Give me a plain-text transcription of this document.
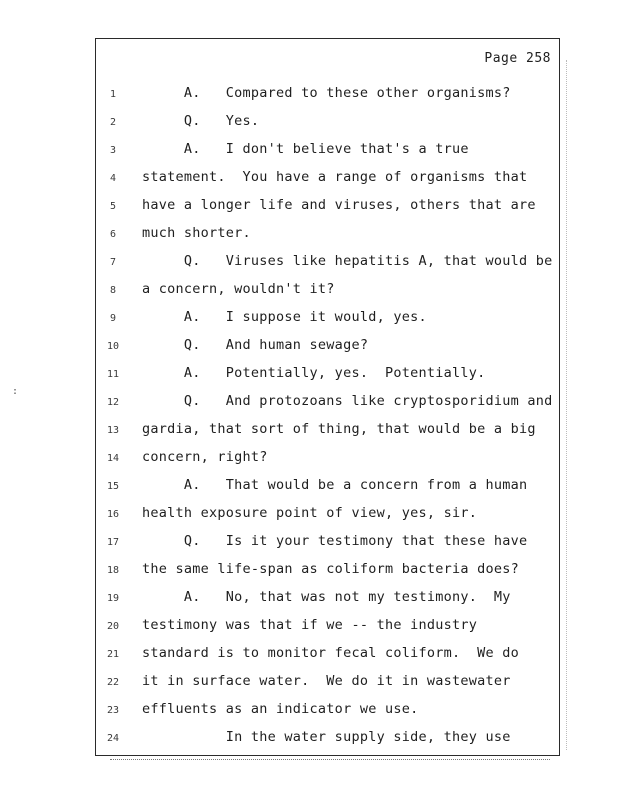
Page 258
1	A.   Compared to these other organisms?
2	Q.   Yes.
3	A.   I don't believe that's a true
4	statement.  You have a range of organisms that
5	have a longer life and viruses, others that are
6	much shorter.
7	Q.   Viruses like hepatitis A, that would be
8	a concern, wouldn't it?
9	A.   I suppose it would, yes.
10 Q.   And human sewage?
11 A.   Potentially, yes.  Potentially.
12 Q.   And protozoans like cryptosporidium and
13 gardia, that sort of thing, that would be a big
14 concern, right?
15 A.   That would be a concern from a human
16 health exposure point of view, yes, sir.
17 Q.   Is it your testimony that these have
18 the same life-span as coliform bacteria does?
19 A.   No, that was not my testimony.  My
20 testimony was that if we -- the industry
21 standard is to monitor fecal coliform.  We do
22 it in surface water.  We do it in wastewater
23 effluents as an indicator we use.
24 In the water supply side, they use
:
